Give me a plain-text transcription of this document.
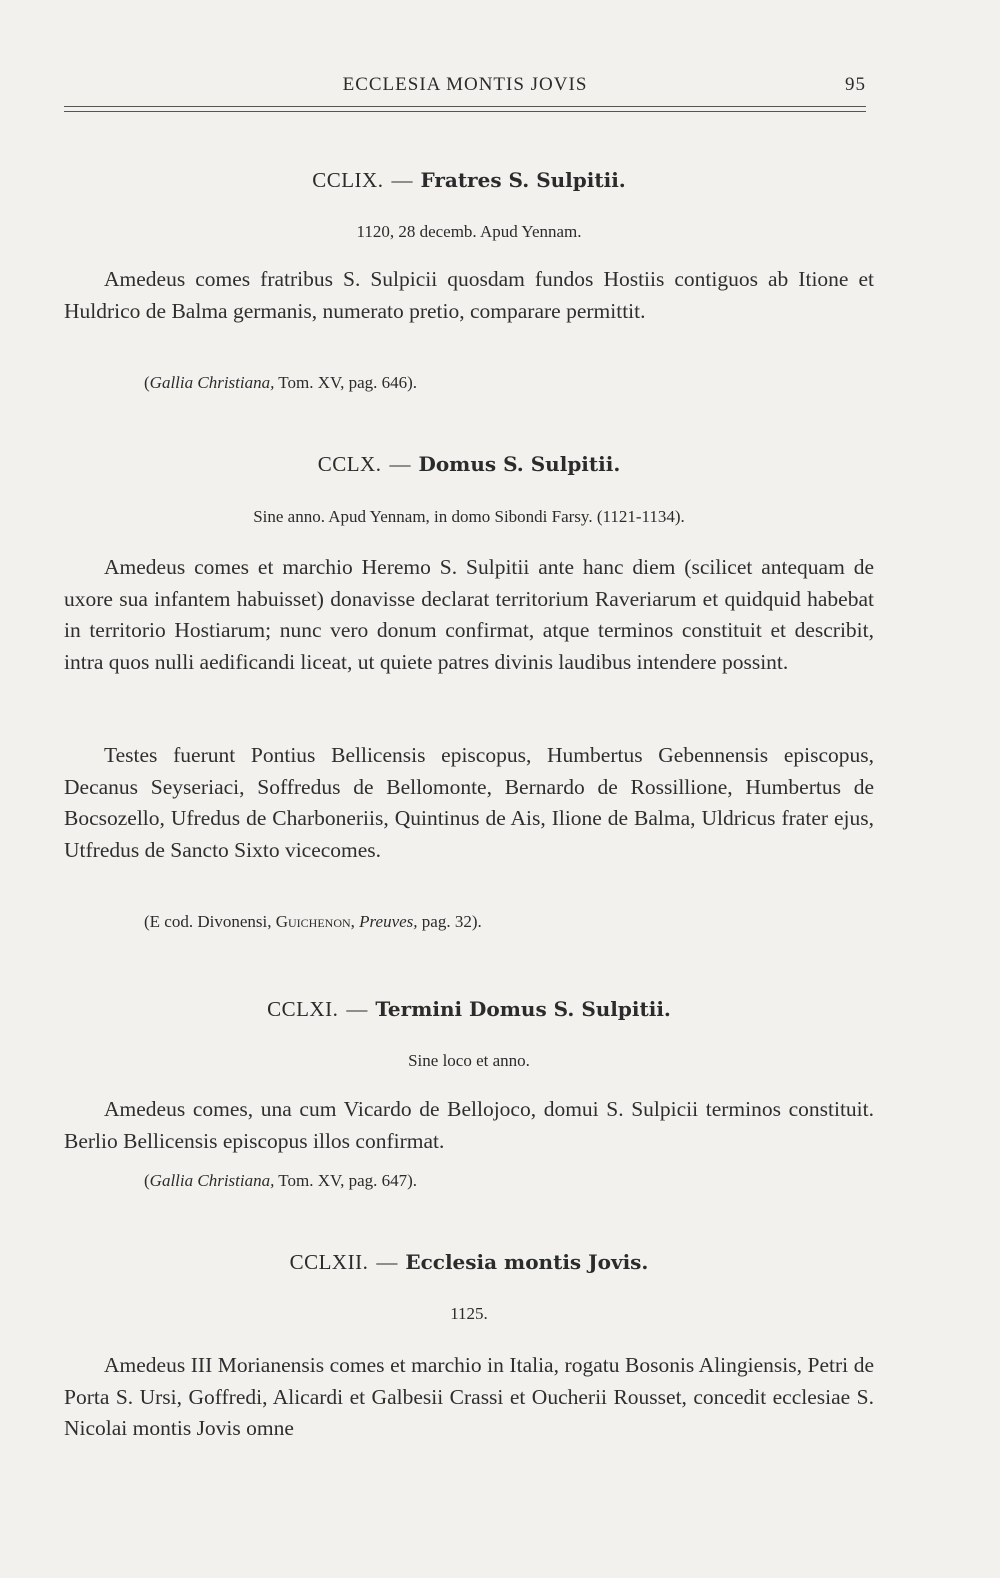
ECCLESIA MONTIS JOVIS	95
CCLIX. — Fratres S. Sulpitii.
1120, 28 decemb. Apud Yennam.
Amedeus comes fratribus S. Sulpicii quosdam fundos Hostiis contiguos ab Itione et Huldrico de Balma germanis, numerato pretio, comparare permittit.
(Gallia Christiana, Tom. XV, pag. 646).
CCLX. — Domus S. Sulpitii.
Sine anno. Apud Yennam, in domo Sibondi Farsy. (1121-1134).
Amedeus comes et marchio Heremo S. Sulpitii ante hanc diem (scilicet antequam de uxore sua infantem habuisset) donavisse declarat territorium Raveriarum et quidquid habebat in territorio Hostiarum; nunc vero donum confirmat, atque terminos constituit et describit, intra quos nulli aedificandi liceat, ut quiete patres divinis laudibus intendere possint.
Testes fuerunt Pontius Bellicensis episcopus, Humbertus Gebennensis episcopus, Decanus Seyseriaci, Soffredus de Bellomonte, Bernardo de Rossillione, Humbertus de Bocsozello, Ufredus de Charboneriis, Quintinus de Ais, Ilione de Balma, Uldricus frater ejus, Utfredus de Sancto Sixto vicecomes.
(E cod. Divonensi, Guichenon, Preuves, pag. 32).
CCLXI. — Termini Domus S. Sulpitii.
Sine loco et anno.
Amedeus comes, una cum Vicardo de Bellojoco, domui S. Sulpicii terminos constituit. Berlio Bellicensis episcopus illos confirmat.
(Gallia Christiana, Tom. XV, pag. 647).
CCLXII. — Ecclesia montis Jovis.
1125.
Amedeus III Morianensis comes et marchio in Italia, rogatu Bosonis Alingiensis, Petri de Porta S. Ursi, Goffredi, Alicardi et Galbesii Crassi et Oucherii Rousset, concedit ecclesiae S. Nicolai montis Jovis omne
